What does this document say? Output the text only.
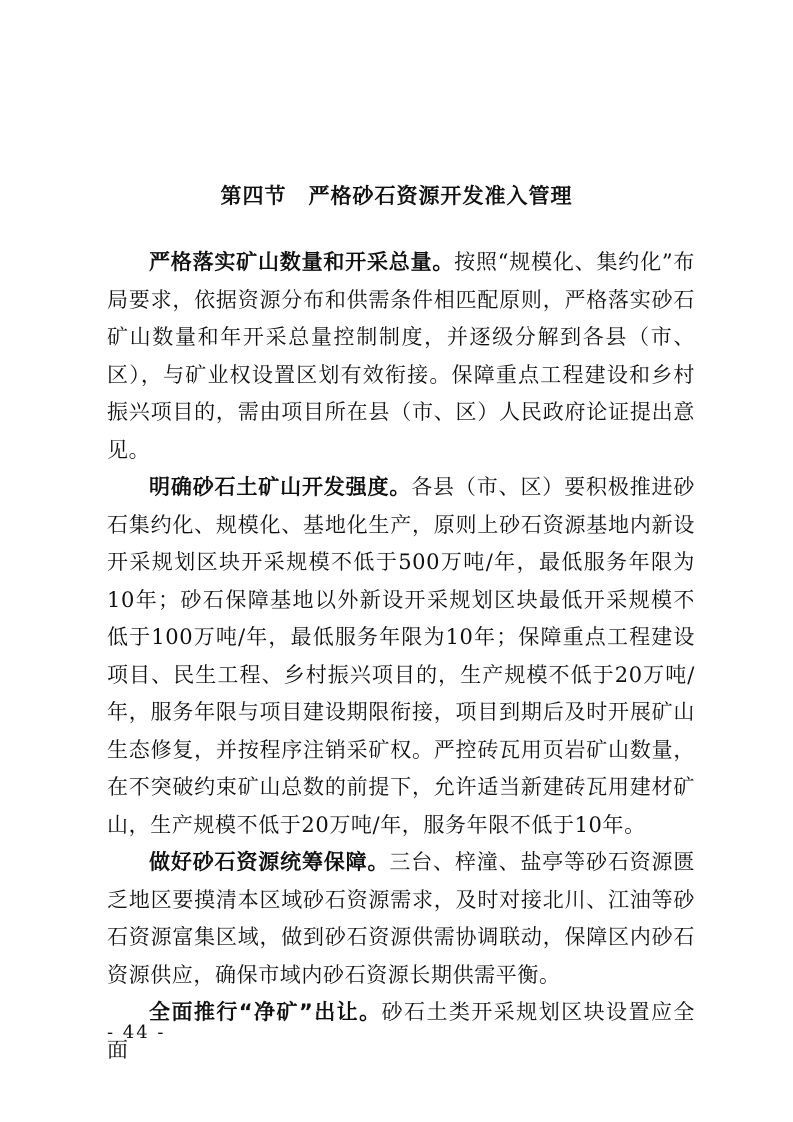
第四节 严格砂石资源开发准入管理

严格落实矿山数量和开采总量。按照“规模化、集约化”布局要求，依据资源分布和供需条件相匹配原则，严格落实砂石矿山数量和年开采总量控制制度，并逐级分解到各县（市、区），与矿业权设置区划有效衔接。保障重点工程建设和乡村振兴项目的，需由项目所在县（市、区）人民政府论证提出意见。

明确砂石土矿山开发强度。各县（市、区）要积极推进砂石集约化、规模化、基地化生产，原则上砂石资源基地内新设开采规划区块开采规模不低于500万吨/年，最低服务年限为10年；砂石保障基地以外新设开采规划区块最低开采规模不低于100万吨/年，最低服务年限为10年；保障重点工程建设项目、民生工程、乡村振兴项目的，生产规模不低于20万吨/年，服务年限与项目建设期限衔接，项目到期后及时开展矿山生态修复，并按程序注销采矿权。严控砖瓦用页岩矿山数量，在不突破约束矿山总数的前提下，允许适当新建砖瓦用建材矿山，生产规模不低于20万吨/年，服务年限不低于10年。

做好砂石资源统筹保障。三台、梓潼、盐亭等砂石资源匮乏地区要摸清本区域砂石资源需求，及时对接北川、江油等砂石资源富集区域，做到砂石资源供需协调联动，保障区内砂石资源供应，确保市域内砂石资源长期供需平衡。

全面推行“净矿”出让。砂石土类开采规划区块设置应全面

- 44 -
